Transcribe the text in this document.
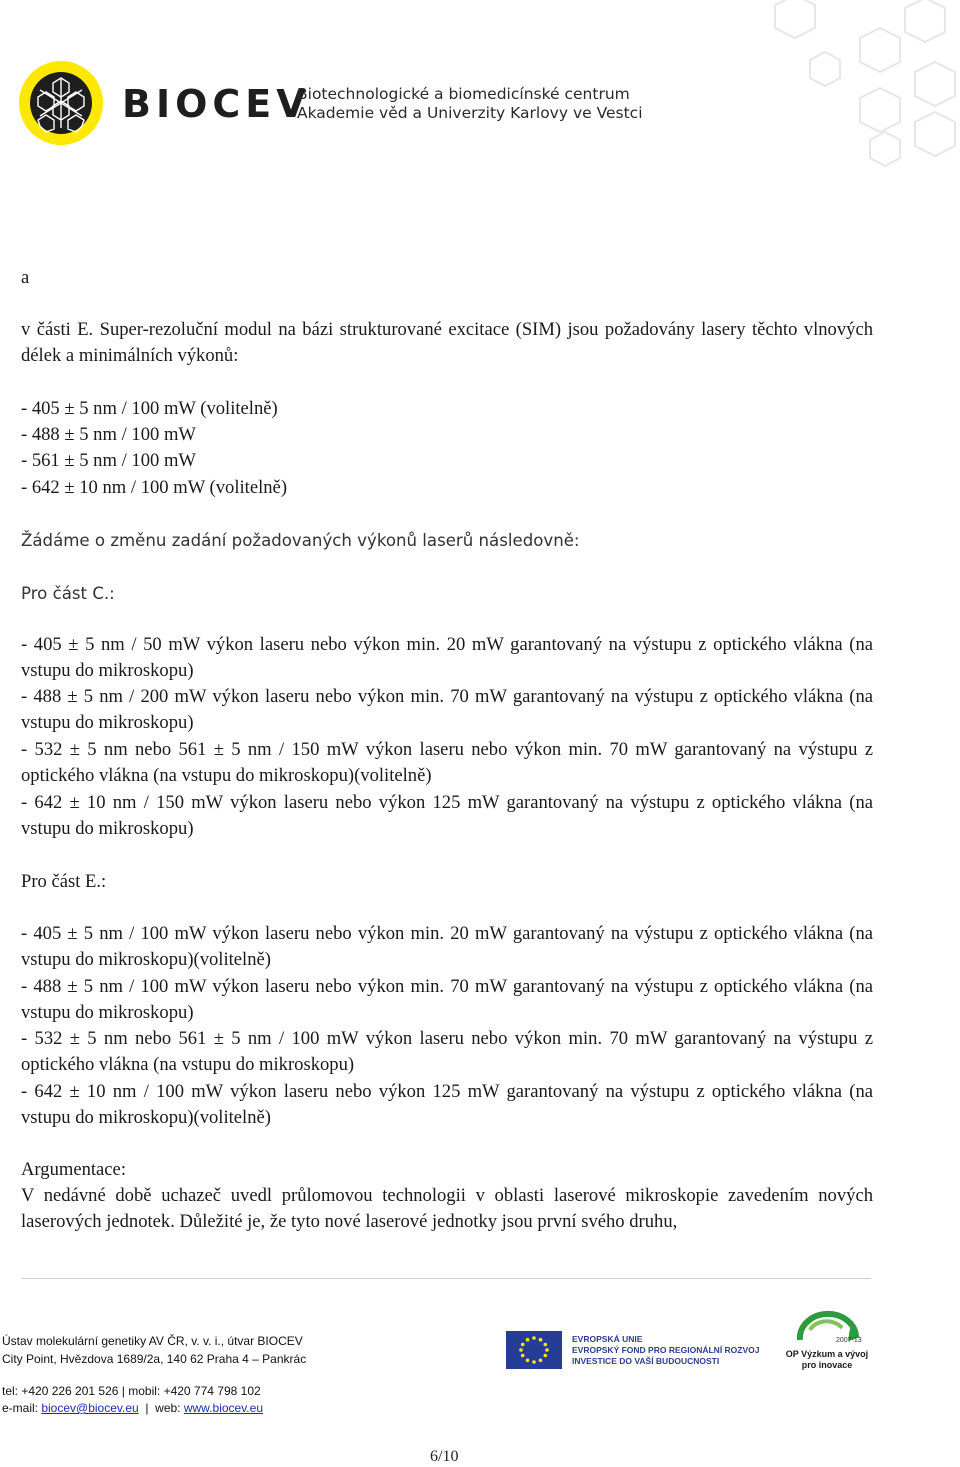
BIOCEV
Biotechnologické a biomedicínské centrum
Akademie věd a Univerzity Karlovy ve Vestci
a
v části E. Super-rezoluční modul na bázi strukturované excitace (SIM) jsou požadovány lasery těchto vlnových délek a minimálních výkonů:
- 405 ± 5 nm / 100 mW (volitelně)
- 488 ± 5 nm / 100 mW
- 561 ± 5 nm / 100 mW
- 642 ± 10 nm / 100 mW (volitelně)
Žádáme o změnu zadání požadovaných výkonů laserů následovně:
Pro část C.:
- 405 ± 5 nm / 50 mW výkon laseru nebo výkon min. 20 mW garantovaný na výstupu z optického vlákna (na vstupu do mikroskopu)
- 488 ± 5 nm / 200 mW výkon laseru nebo výkon min. 70 mW garantovaný na výstupu z optického vlákna (na vstupu do mikroskopu)
- 532 ± 5 nm nebo 561 ± 5 nm / 150 mW výkon laseru nebo výkon min. 70 mW garantovaný na výstupu z optického vlákna (na vstupu do mikroskopu)(volitelně)
- 642 ± 10 nm / 150 mW výkon laseru nebo výkon 125 mW garantovaný na výstupu z optického vlákna (na vstupu do mikroskopu)
Pro část E.:
- 405 ± 5 nm / 100 mW výkon laseru nebo výkon min. 20 mW garantovaný na výstupu z optického vlákna (na vstupu do mikroskopu)(volitelně)
- 488 ± 5 nm / 100 mW výkon laseru nebo výkon min. 70 mW garantovaný na výstupu z optického vlákna (na vstupu do mikroskopu)
- 532 ± 5 nm nebo 561 ± 5 nm / 100 mW výkon laseru nebo výkon min. 70 mW garantovaný na výstupu z optického vlákna (na vstupu do mikroskopu)
- 642 ± 10 nm / 100 mW výkon laseru nebo výkon 125 mW garantovaný na výstupu z optického vlákna (na vstupu do mikroskopu)(volitelně)
Argumentace:
V nedávné době uchazeč uvedl průlomovou technologii v oblasti laserové mikroskopie zavedením nových laserových jednotek. Důležité je, že tyto nové laserové jednotky jsou první svého druhu,
Ústav molekulární genetiky AV ČR, v. v. i., útvar BIOCEV
City Point, Hvězdova 1689/2a, 140 62 Praha 4 – Pankrác
tel: +420 226 201 526 | mobil: +420 774 798 102
e-mail: biocev@biocev.eu  |  web: www.biocev.eu
EVROPSKÁ UNIE
EVROPSKÝ FOND PRO REGIONÁLNÍ ROZVOJ
INVESTICE DO VAŠÍ BUDOUCNOSTI
2007-13
OP Výzkum a vývoj
pro inovace
6/10
